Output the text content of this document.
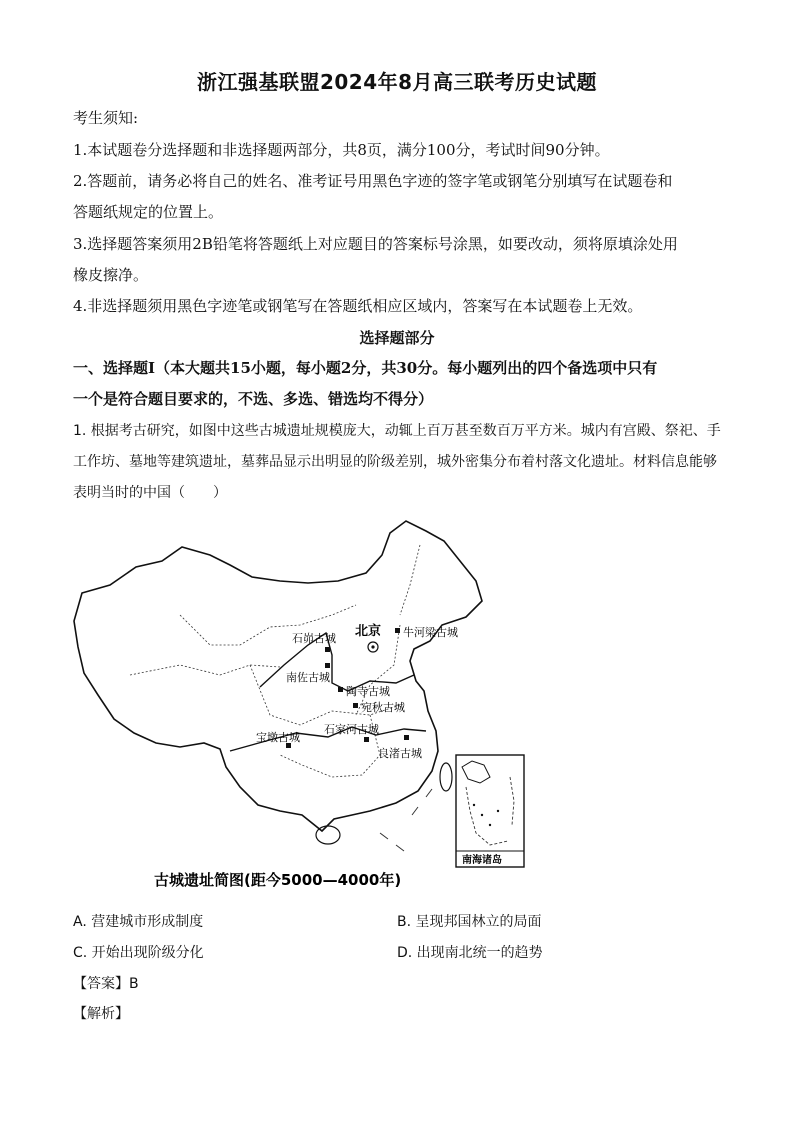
浙江强基联盟2024年8月高三联考历史试题
考生须知:
1.本试题卷分选择题和非选择题两部分，共8页，满分100分，考试时间90分钟。
2.答题前，请务必将自己的姓名、准考证号用黑色字迹的签字笔或钢笔分别填写在试题卷和
答题纸规定的位置上。
3.选择题答案须用2B铅笔将答题纸上对应题目的答案标号涂黑，如要改动，须将原填涂处用
橡皮擦净。
4.非选择题须用黑色字迹笔或钢笔写在答题纸相应区域内，答案写在本试题卷上无效。
选择题部分
一、选择题Ⅰ（本大题共15小题，每小题2分，共30分。每小题列出的四个备选项中只有
一个是符合题目要求的，不选、多选、错选均不得分）
1. 根据考古研究，如图中这些古城遗址规模庞大，动辄上百万甚至数百万平方米。城内有宫殿、祭祀、手
工作坊、墓地等建筑遗址，墓葬品显示出明显的阶级差别，城外密集分布着村落文化遗址。材料信息能够
表明当时的中国（　　）
北京
石峁古城	牛河梁古城
陶寺古城
南佐古城
宛秋古城
宝墩古城
石家河古城
良渚古城
南海诸岛
古城遗址简图(距今5000—4000年)
A. 营建城市形成制度	B. 呈现邦国林立的局面
C. 开始出现阶级分化	D. 出现南北统一的趋势
【答案】B
【解析】
